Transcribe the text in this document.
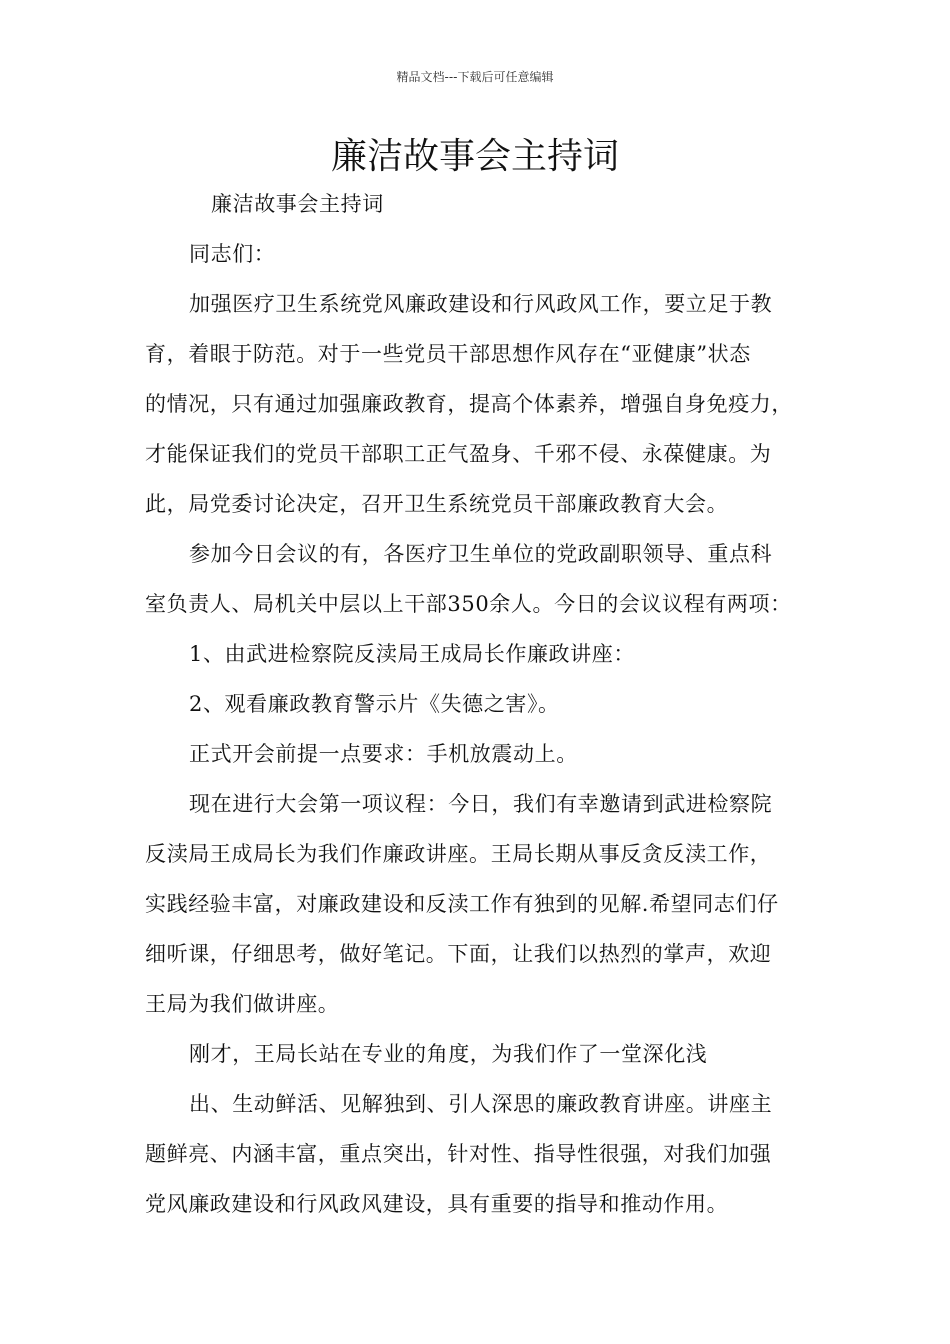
精品文档---下载后可任意编辑
廉洁故事会主持词
廉洁故事会主持词
同志们：
加强医疗卫生系统党风廉政建设和行风政风工作，要立足于教
育，着眼于防范。对于一些党员干部思想作风存在“亚健康”状态
的情况，只有通过加强廉政教育，提高个体素养，增强自身免疫力，
才能保证我们的党员干部职工正气盈身、千邪不侵、永葆健康。为
此，局党委讨论决定，召开卫生系统党员干部廉政教育大会。
参加今日会议的有，各医疗卫生单位的党政副职领导、重点科
室负责人、局机关中层以上干部350余人。今日的会议议程有两项：
1、由武进检察院反渎局王成局长作廉政讲座：
2、观看廉政教育警示片《失德之害》。
正式开会前提一点要求：手机放震动上。
现在进行大会第一项议程：今日，我们有幸邀请到武进检察院
反渎局王成局长为我们作廉政讲座。王局长期从事反贪反渎工作，
实践经验丰富，对廉政建设和反渎工作有独到的见解.希望同志们仔
细听课，仔细思考，做好笔记。下面，让我们以热烈的掌声，欢迎
王局为我们做讲座。
刚才，王局长站在专业的角度，为我们作了一堂深化浅
出、生动鲜活、见解独到、引人深思的廉政教育讲座。讲座主
题鲜亮、内涵丰富，重点突出，针对性、指导性很强，对我们加强
党风廉政建设和行风政风建设，具有重要的指导和推动作用。
